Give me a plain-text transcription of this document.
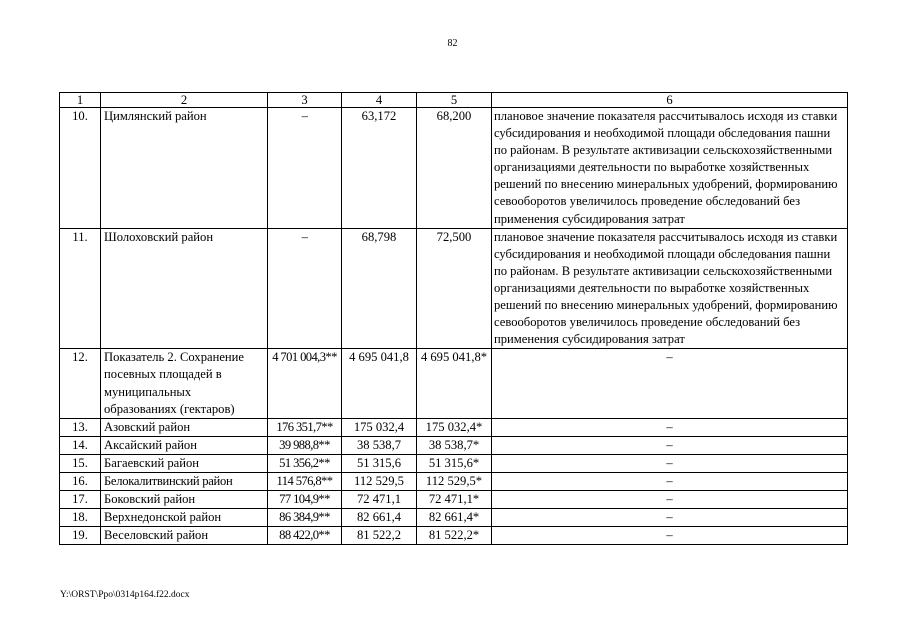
82
1	2	3	4	5	6
10.	Цимлянский район	–	63,172	68,200	плановое значение показателя рассчитывалось исходя из ставки субсидирования и необходимой площади обследования пашни по районам. В результате активизации сельскохозяйственными организациями деятельности по выработке хозяйственных решений по внесению минеральных удобрений, формированию севооборотов увеличилось проведение обследований без применения субсидирования затрат
11.	Шолоховский район	–	68,798	72,500	плановое значение показателя рассчитывалось исходя из ставки субсидирования и необходимой площади обследования пашни по районам. В результате активизации сельскохозяйственными организациями деятельности по выработке хозяйственных решений по внесению минеральных удобрений, формированию севооборотов увеличилось проведение обследований без применения субсидирования затрат
12.	Показатель 2. Сохранение посевных площадей в муниципальных образованиях (гектаров)	4 701 004,3**	4 695 041,8	4 695 041,8*	–
13.	Азовский район	176 351,7**	175 032,4	175 032,4*	–
14.	Аксайский район	39 988,8**	38 538,7	38 538,7*	–
15.	Багаевский район	51 356,2**	51 315,6	51 315,6*	–
16.	Белокалитвинский район	114 576,8**	112 529,5	112 529,5*	–
17.	Боковский район	77 104,9**	72 471,1	72 471,1*	–
18.	Верхнедонской район	86 384,9**	82 661,4	82 661,4*	–
19.	Веселовский район	88 422,0**	81 522,2	81 522,2*	–
Y:\ORST\Ppo\0314p164.f22.docx
